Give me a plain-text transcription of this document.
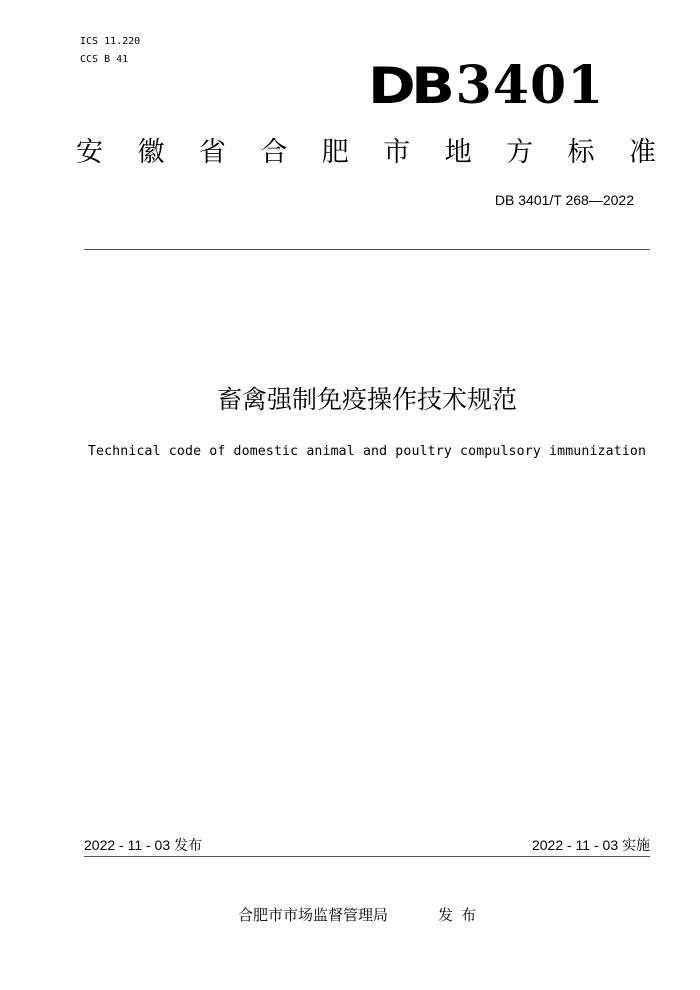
ICS 11.220
CCS B 41	DB 3401
安 徽 省 合 肥 市 地 方 标 准
DB 3401/T 268—2022
畜禽强制免疫操作技术规范
Technical code of domestic animal and poultry compulsory immunization
2022 - 11 - 03 发布	2022 - 11 - 03 实施
合肥市市场监督管理局	发布
